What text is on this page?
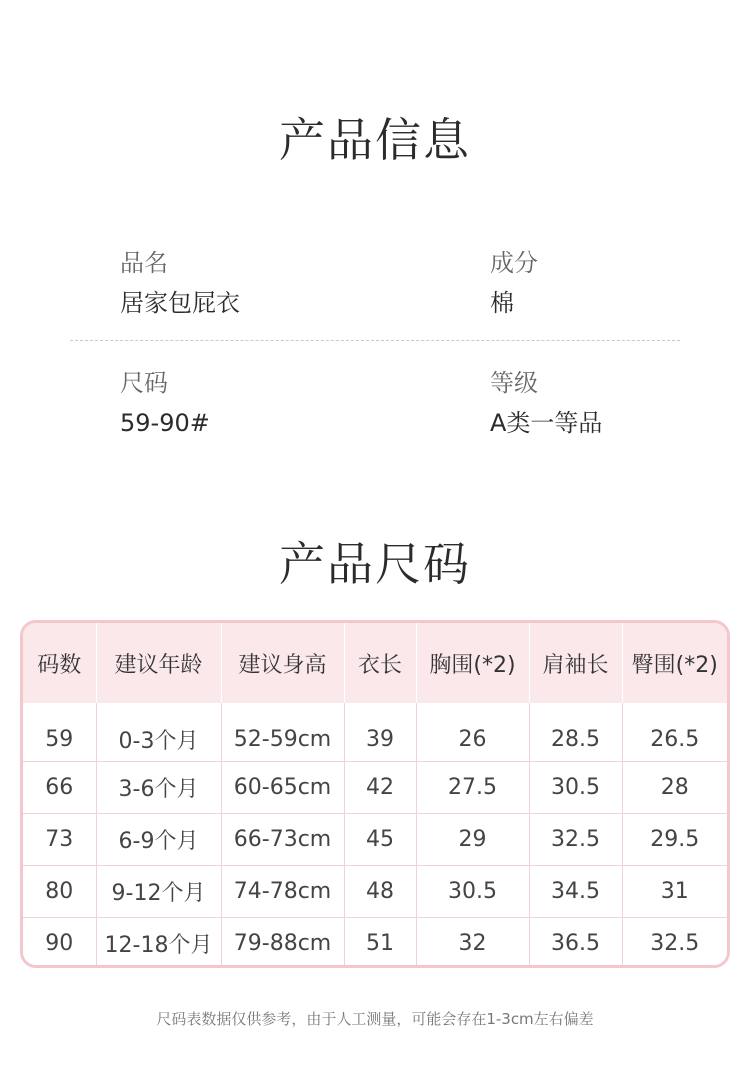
产品信息
品名
居家包屁衣
成分
棉
尺码
59-90#
等级
A类一等品
产品尺码
码数	建议年龄	建议身高	衣长	胸围(*2)	肩袖长	臀围(*2)
59	0-3个月	52-59cm	39	26	28.5	26.5
66	3-6个月	60-65cm	42	27.5	30.5	28
73	6-9个月	66-73cm	45	29	32.5	29.5
80	9-12个月	74-78cm	48	30.5	34.5	31
90	12-18个月	79-88cm	51	32	36.5	32.5
尺码表数据仅供参考，由于人工测量，可能会存在1-3cm左右偏差
